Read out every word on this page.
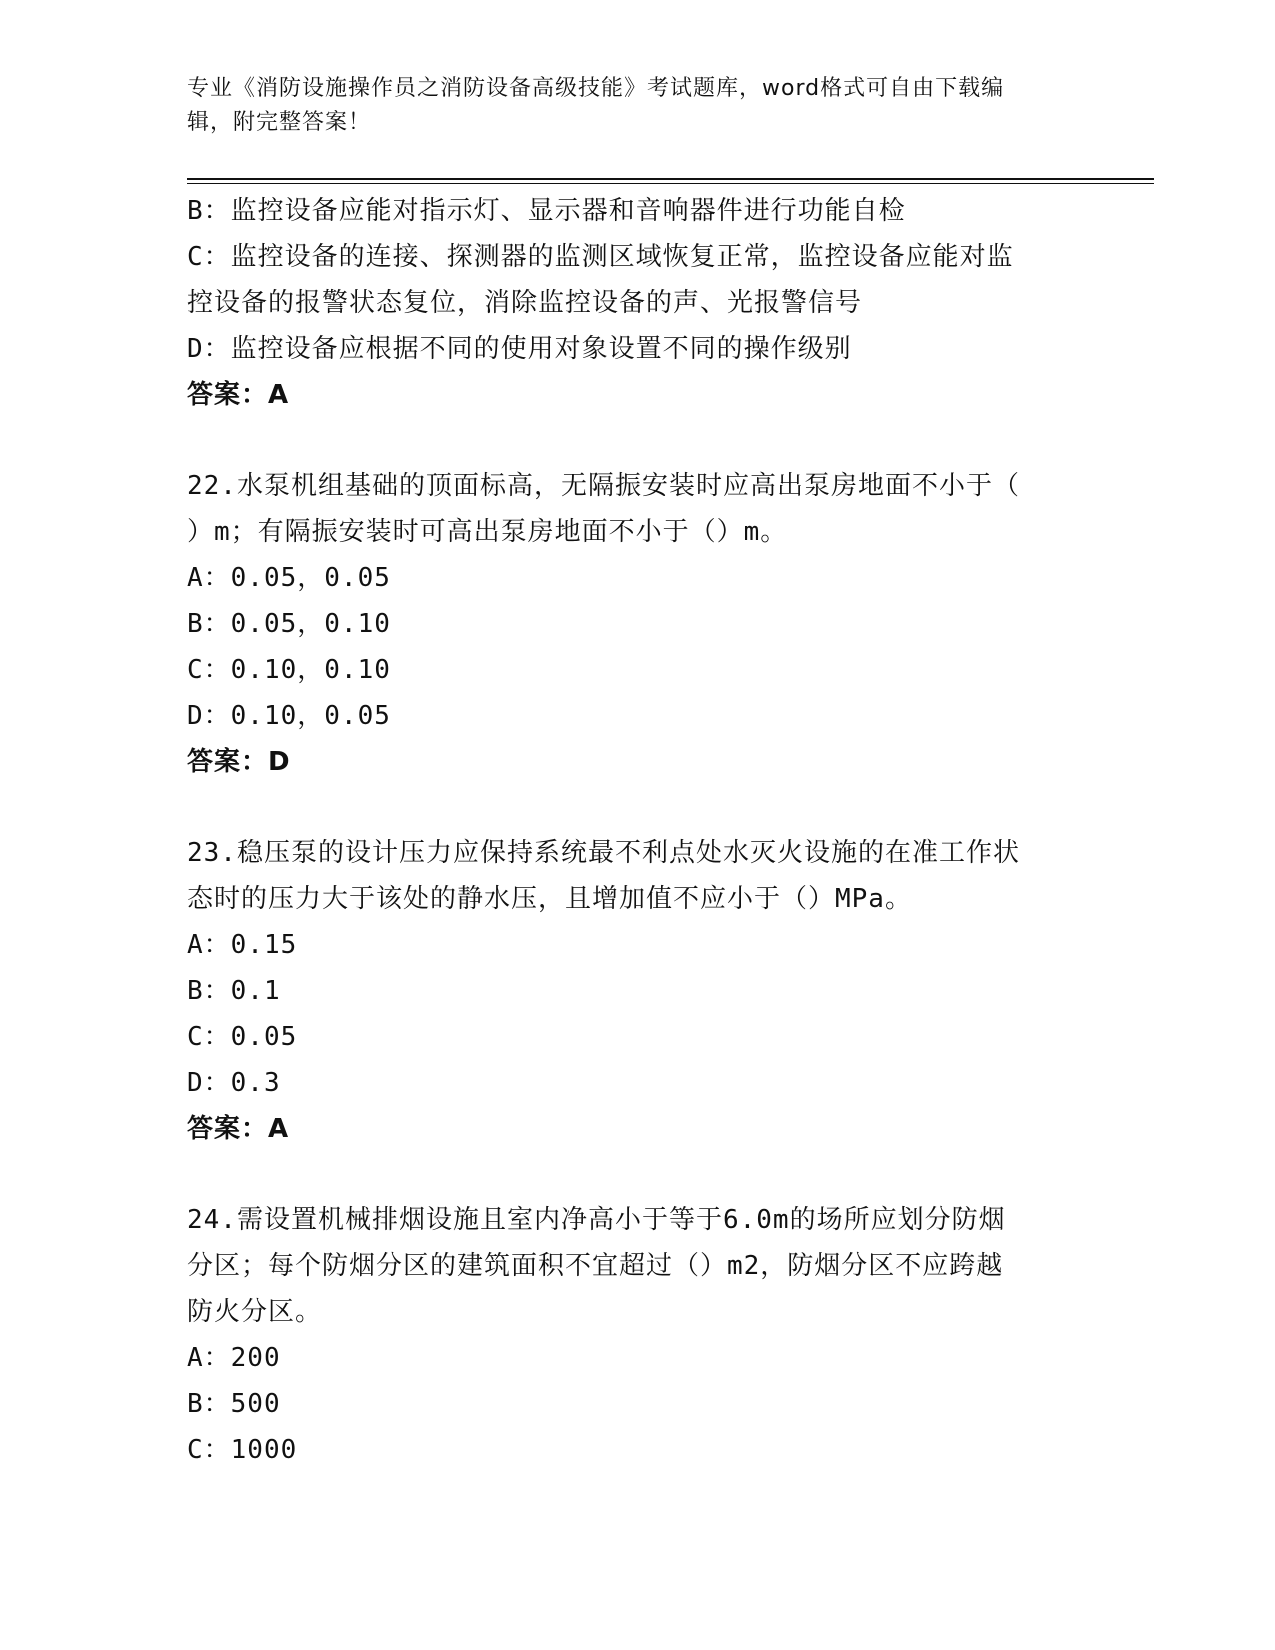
专业《消防设施操作员之消防设备高级技能》考试题库，word格式可自由下载编
辑，附完整答案！
B：监控设备应能对指示灯、显示器和音响器件进行功能自检
C：监控设备的连接、探测器的监测区域恢复正常，监控设备应能对监
控设备的报警状态复位，消除监控设备的声、光报警信号
D：监控设备应根据不同的使用对象设置不同的操作级别
答案：A
22.水泵机组基础的顶面标高，无隔振安装时应高出泵房地面不小于（
）m；有隔振安装时可高出泵房地面不小于（）m。
A：0.05，0.05
B：0.05，0.10
C：0.10，0.10
D：0.10，0.05
答案：D
23.稳压泵的设计压力应保持系统最不利点处水灭火设施的在准工作状
态时的压力大于该处的静水压，且增加值不应小于（）MPa。
A：0.15
B：0.1
C：0.05
D：0.3
答案：A
24.需设置机械排烟设施且室内净高小于等于6.0m的场所应划分防烟
分区；每个防烟分区的建筑面积不宜超过（）m2，防烟分区不应跨越
防火分区。
A：200
B：500
C：1000
